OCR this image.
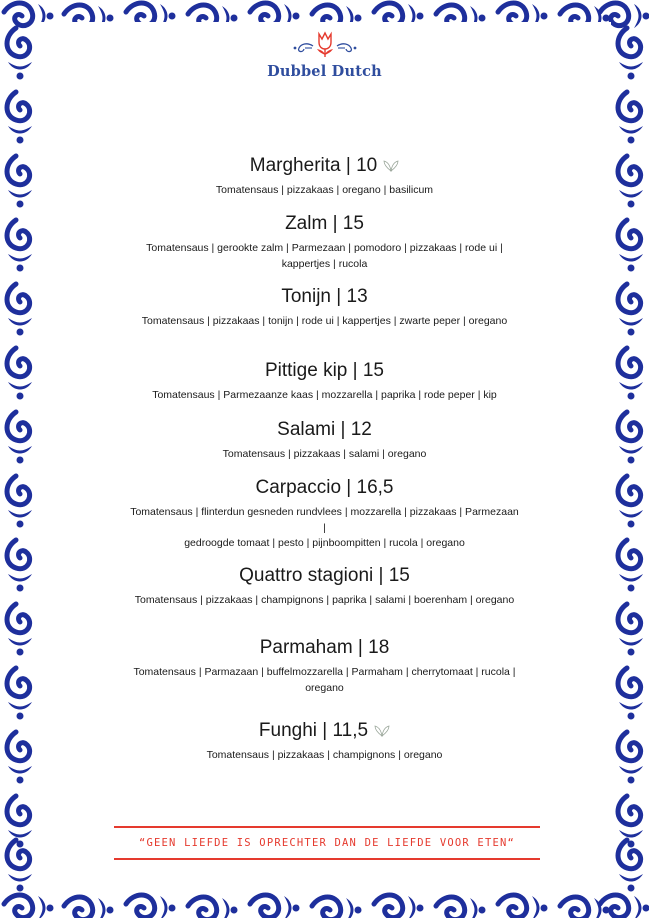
Dubbel Dutch
Margherita | 10
Tomatensaus | pizzakaas | oregano | basilicum
Zalm | 15
Tomatensaus | gerookte zalm | Parmezaan | pomodoro | pizzakaas | rode ui | kappertjes | rucola
Tonijn | 13
Tomatensaus | pizzakaas | tonijn | rode ui | kappertjes | zwarte peper | oregano
Pittige kip | 15
Tomatensaus | Parmezaanze kaas | mozzarella | paprika | rode peper | kip
Salami | 12
Tomatensaus | pizzakaas | salami | oregano
Carpaccio | 16,5
Tomatensaus | flinterdun gesneden rundvlees | mozzarella | pizzakaas | Parmezaan |
gedroogde tomaat | pesto | pijnboompitten | rucola | oregano
Quattro stagioni | 15
Tomatensaus | pizzakaas | champignons | paprika | salami | boerenham | oregano
Parmaham | 18
Tomatensaus | Parmazaan | buffelmozzarella | Parmaham | cherrytomaat | rucola | oregano
Funghi | 11,5
Tomatensaus | pizzakaas | champignons | oregano
“GEEN LIEFDE IS OPRECHTER DAN DE LIEFDE VOOR ETEN“
